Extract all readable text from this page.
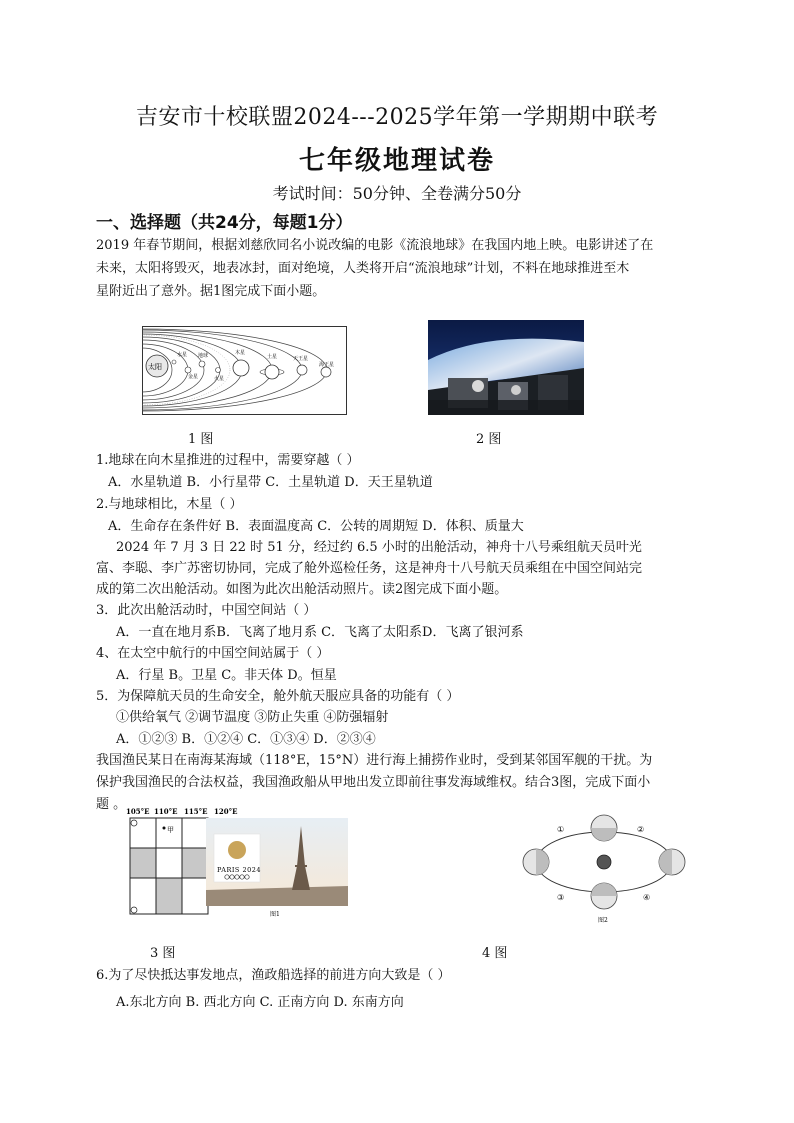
吉安市十校联盟2024---2025学年第一学期期中联考
七年级地理试卷
考试时间：50分钟、全卷满分50分
一、选择题（共24分，每题1分）
2019 年春节期间，根据刘慈欣同名小说改编的电影《流浪地球》在我国内地上映。电影讲述了在
未来，太阳将毁灭，地表冰封，面对绝境，人类将开启“流浪地球”计划，不料在地球推进至木
星附近出了意外。据1图完成下面小题。
太阳
水星
金星
地球
火星
木星
土星	天王星
海王星
1 图	2 图
1.地球在向木星推进的过程中，需要穿越（ ）
A．水星轨道 B．小行星带 C．土星轨道 D．天王星轨道
2.与地球相比，木星（ ）
A．生命存在条件好 B．表面温度高 C．公转的周期短 D．体积、质量大
2024 年 7 月 3 日 22 时 51 分，经过约 6.5 小时的出舱活动，神舟十八号乘组航天员叶光
富、李聪、李广苏密切协同，完成了舱外巡检任务，这是神舟十八号航天员乘组在中国空间站完
成的第二次出舱活动。如图为此次出舱活动照片。读2图完成下面小题。
3．此次出舱活动时，中国空间站（ ）
A．一直在地月系B．飞离了地月系 C．飞离了太阳系D．飞离了银河系
4、在太空中航行的中国空间站属于（ ）
A．行星 B。卫星 C。非天体 D。恒星
5．为保障航天员的生命安全，舱外航天服应具备的功能有（ ）
①供给氧气 ②调节温度 ③防止失重 ④防强辐射
A．①②③ B．①②④ C．①③④ D．②③④
我国渔民某日在南海某海域（118°E，15°N）进行海上捕捞作业时，受到某邻国军舰的干扰。为
保护我国渔民的合法权益，我国渔政船从甲地出发立即前往事发海域维权。结合3图，完成下面小
题 。 105°E 110°E 115°E 120°E
甲
PARIS 2024
图1
①	②
③	④
图2
3 图	4 图
6.为了尽快抵达事发地点，渔政船选择的前进方向大致是（ ）
A.东北方向 B. 西北方向 C. 正南方向 D. 东南方向
